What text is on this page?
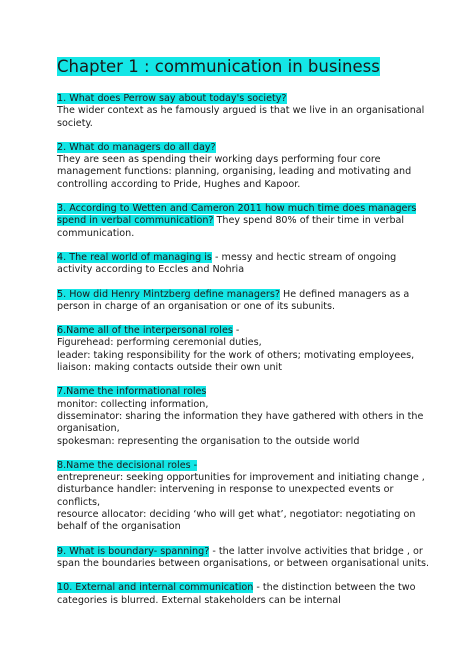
Chapter 1 : communication in business
1. What does Perrow say about today's society?
The wider context as he famously argued is that we live in an organisational society.
2. What do managers do all day?
They are seen as spending their working days performing four core management functions: planning, organising, leading and motivating and controlling according to Pride, Hughes and Kapoor.
3. According to Wetten and Cameron 2011 how much time does managers spend in verbal communication? They spend 80% of their time in verbal communication.
4. The real world of managing is - messy and hectic stream of ongoing activity according to Eccles and Nohria
5. How did Henry Mintzberg define managers? He defined managers as a person in charge of an organisation or one of its subunits.
6.Name all of the interpersonal roles -
Figurehead: performing ceremonial duties,
leader: taking responsibility for the work of others; motivating employees,
liaison: making contacts outside their own unit
7.Name the informational roles
monitor: collecting information,
disseminator: sharing the information they have gathered with others in the organisation,
spokesman: representing the organisation to the outside world
8.Name the decisional roles -
entrepreneur: seeking opportunities for improvement and initiating change ,
disturbance handler: intervening in response to unexpected events or conflicts,
resource allocator: deciding ‘who will get what’, negotiator: negotiating on behalf of the organisation
9. What is boundary- spanning? - the latter involve activities that bridge , or span the boundaries between organisations, or between organisational units.
10. External and internal communication - the distinction between the two categories is blurred. External stakeholders can be internal
